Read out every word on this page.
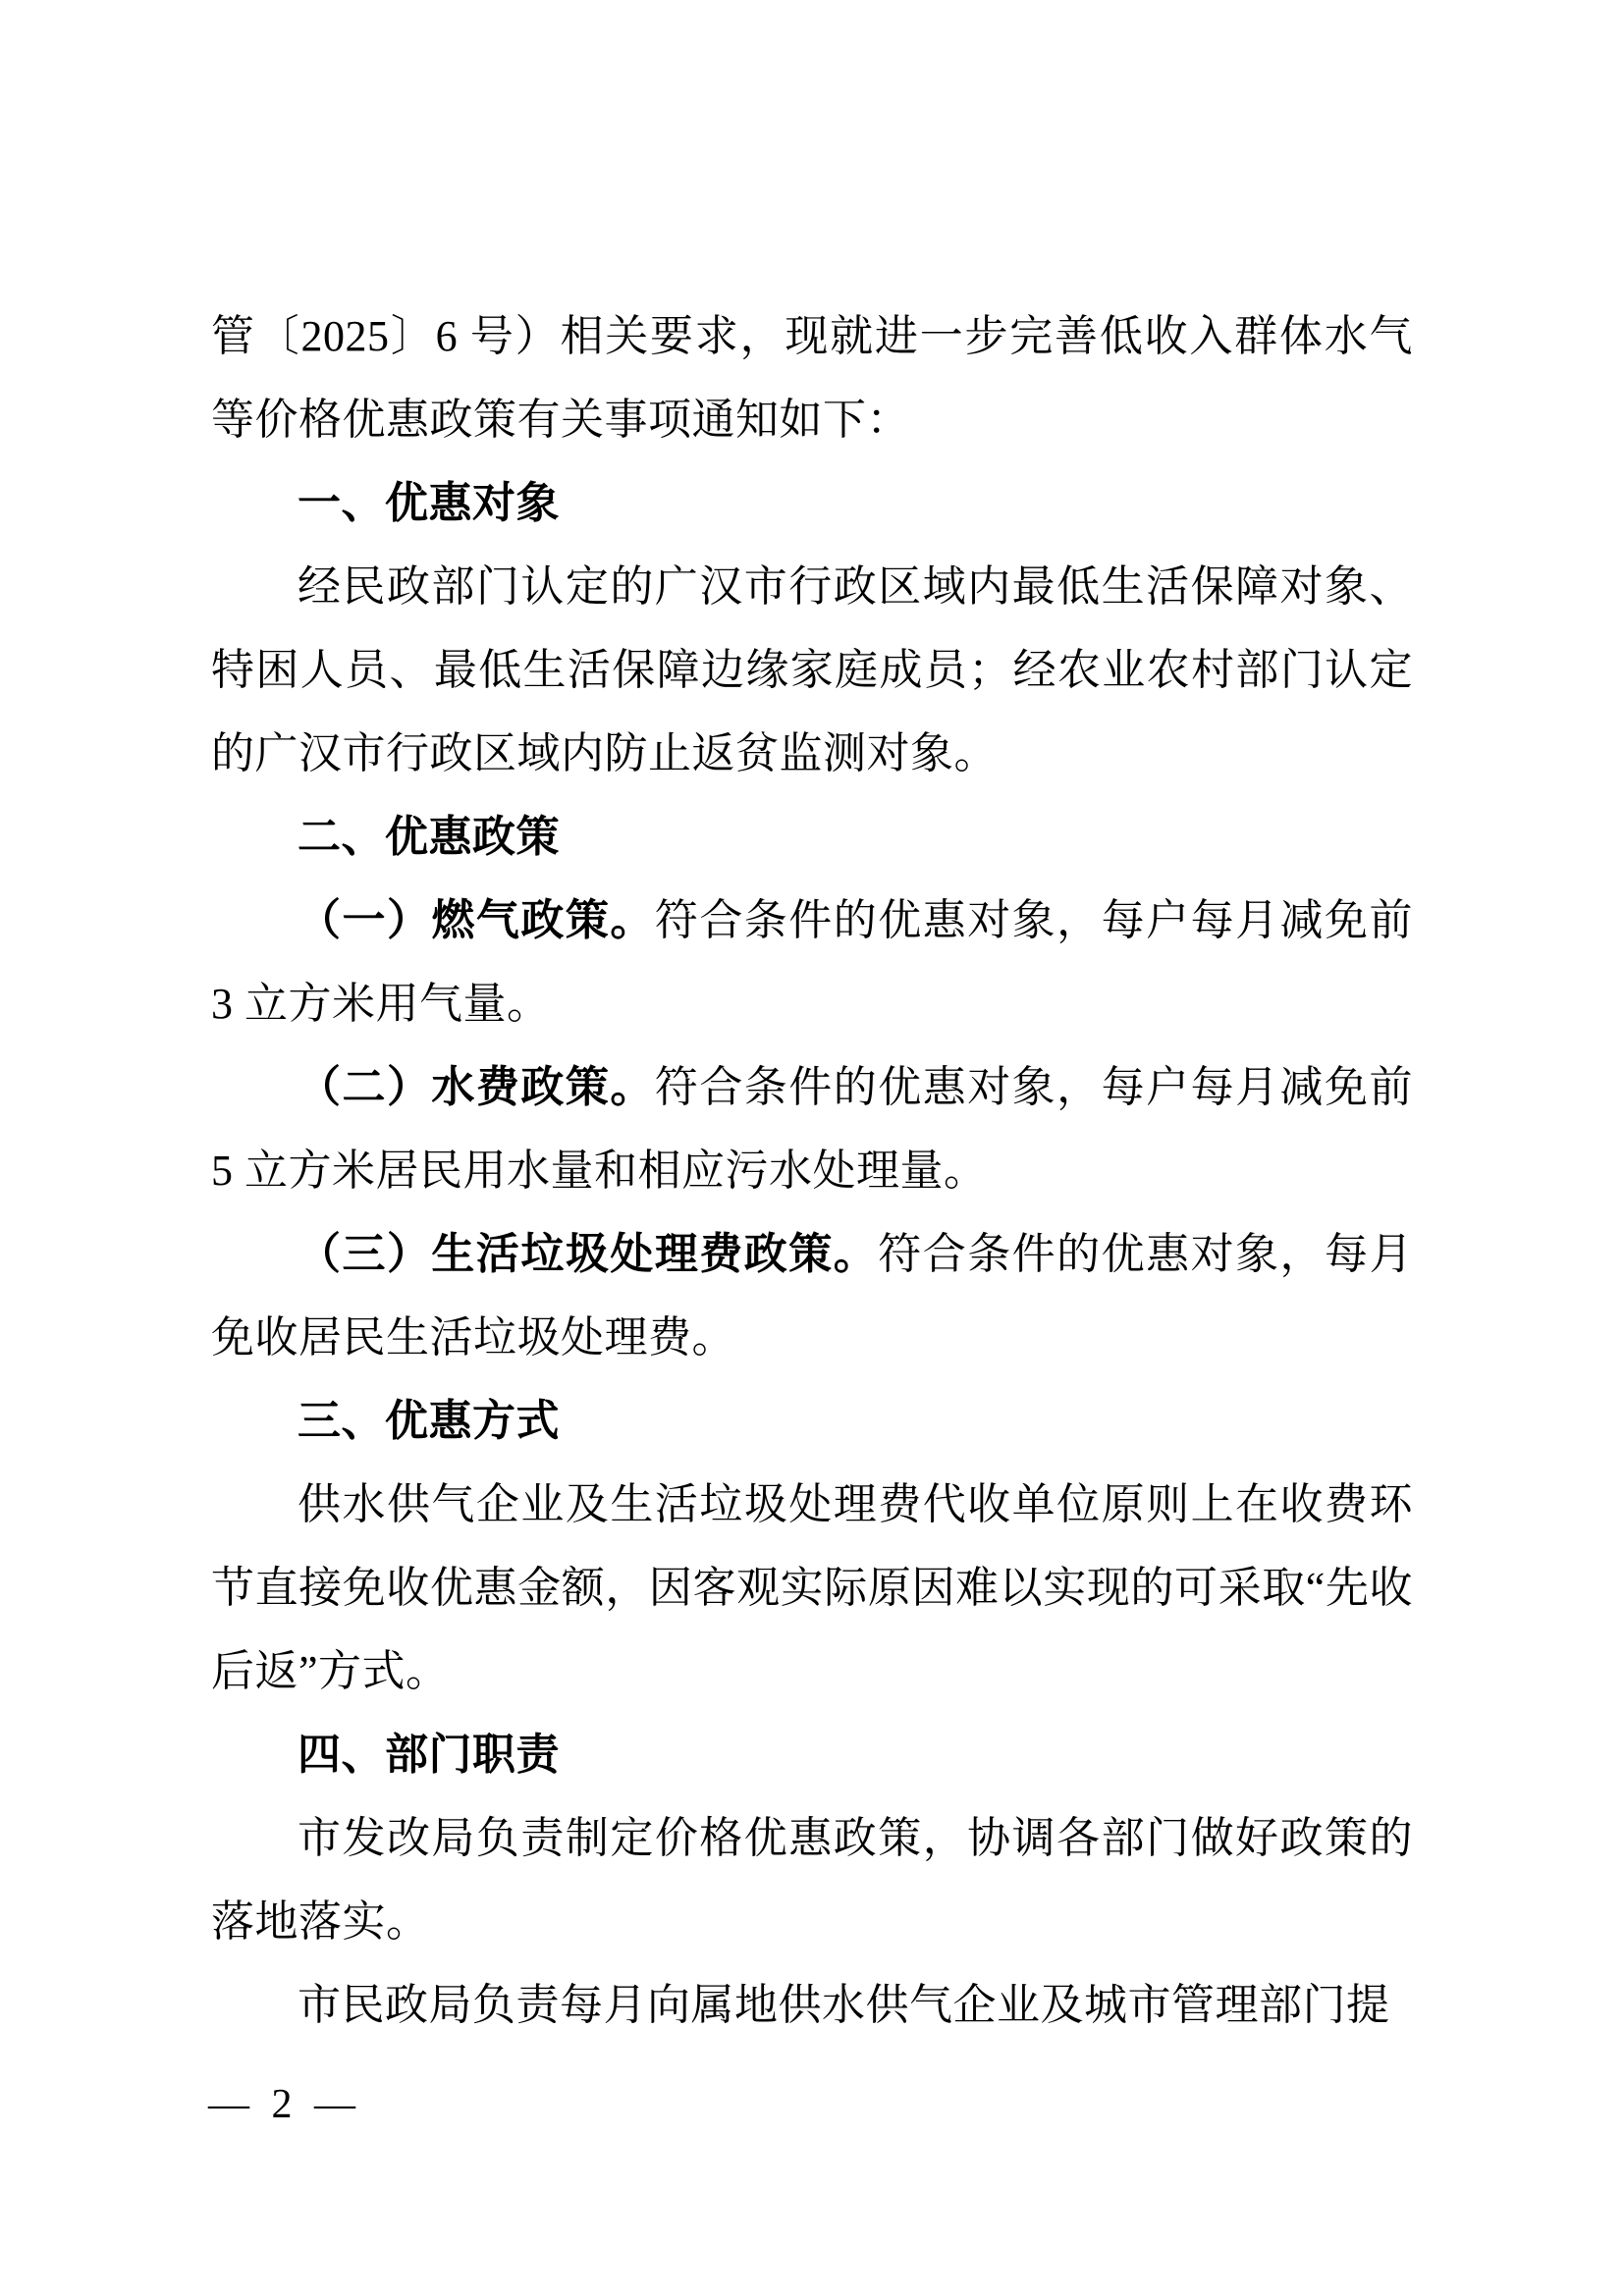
管〔2025〕6 号）相关要求，现就进一步完善低收入群体水气等价格优惠政策有关事项通知如下：

一、优惠对象

经民政部门认定的广汉市行政区域内最低生活保障对象、特困人员、最低生活保障边缘家庭成员；经农业农村部门认定的广汉市行政区域内防止返贫监测对象。

二、优惠政策

（一）燃气政策。符合条件的优惠对象，每户每月减免前 3 立方米用气量。

（二）水费政策。符合条件的优惠对象，每户每月减免前 5 立方米居民用水量和相应污水处理量。

（三）生活垃圾处理费政策。符合条件的优惠对象，每月免收居民生活垃圾处理费。

三、优惠方式

供水供气企业及生活垃圾处理费代收单位原则上在收费环节直接免收优惠金额，因客观实际原因难以实现的可采取“先收后返”方式。

四、部门职责

市发改局负责制定价格优惠政策，协调各部门做好政策的落地落实。

市民政局负责每月向属地供水供气企业及城市管理部门提

— 2 —
